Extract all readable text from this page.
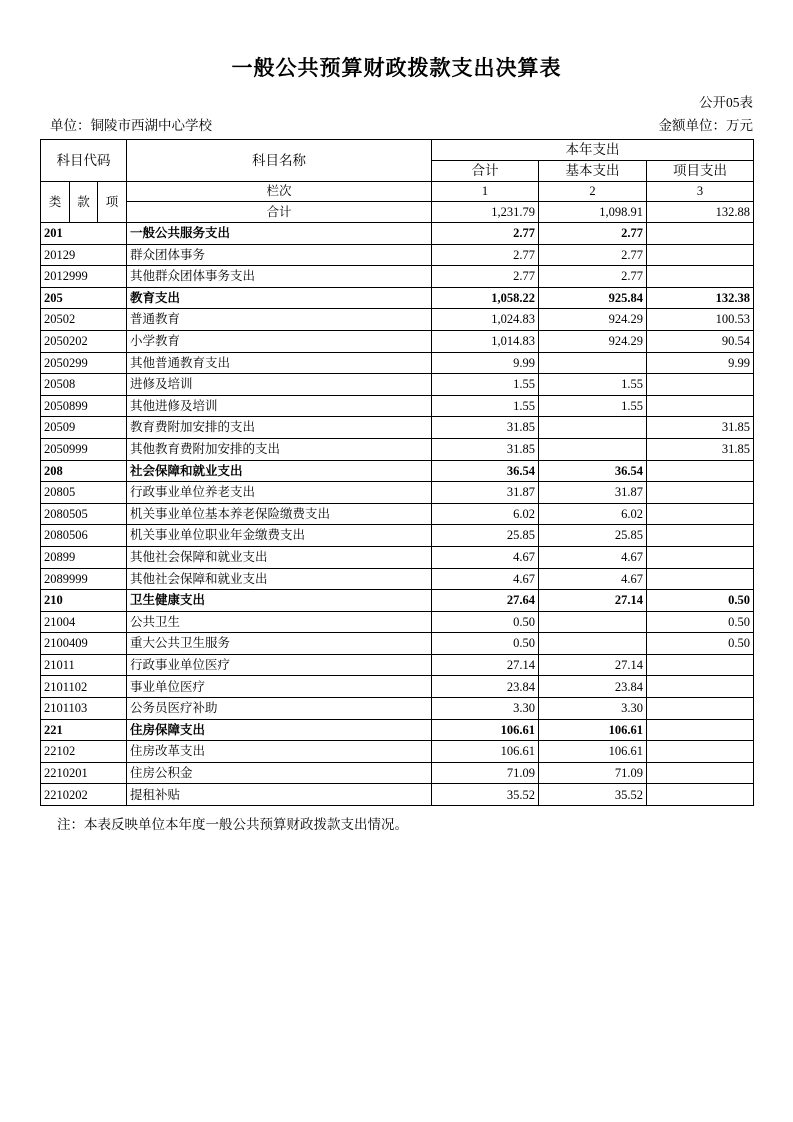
一般公共预算财政拨款支出决算表
公开05表
单位：铜陵市西湖中心学校	金额单位：万元
科目代码			科目名称	本年支出		
				合计	基本支出	项目支出
类	款	项	栏次	1	2	3
			合计	1,231.79	1,098.91	132.88
201			一般公共服务支出	2.77	2.77	
20129			群众团体事务	2.77	2.77	
2012999			其他群众团体事务支出	2.77	2.77	
205			教育支出	1,058.22	925.84	132.38
20502			普通教育	1,024.83	924.29	100.53
2050202			小学教育	1,014.83	924.29	90.54
2050299			其他普通教育支出	9.99		9.99
20508			进修及培训	1.55	1.55	
2050899			其他进修及培训	1.55	1.55	
20509			教育费附加安排的支出	31.85		31.85
2050999			其他教育费附加安排的支出	31.85		31.85
208			社会保障和就业支出	36.54	36.54	
20805			行政事业单位养老支出	31.87	31.87	
2080505			机关事业单位基本养老保险缴费支出	6.02	6.02	
2080506			机关事业单位职业年金缴费支出	25.85	25.85	
20899			其他社会保障和就业支出	4.67	4.67	
2089999			其他社会保障和就业支出	4.67	4.67	
210			卫生健康支出	27.64	27.14	0.50
21004			公共卫生	0.50		0.50
2100409			重大公共卫生服务	0.50		0.50
21011			行政事业单位医疗	27.14	27.14	
2101102			事业单位医疗	23.84	23.84	
2101103			公务员医疗补助	3.30	3.30	
221			住房保障支出	106.61	106.61	
22102			住房改革支出	106.61	106.61	
2210201			住房公积金	71.09	71.09	
2210202			提租补贴	35.52	35.52	
注：本表反映单位本年度一般公共预算财政拨款支出情况。
